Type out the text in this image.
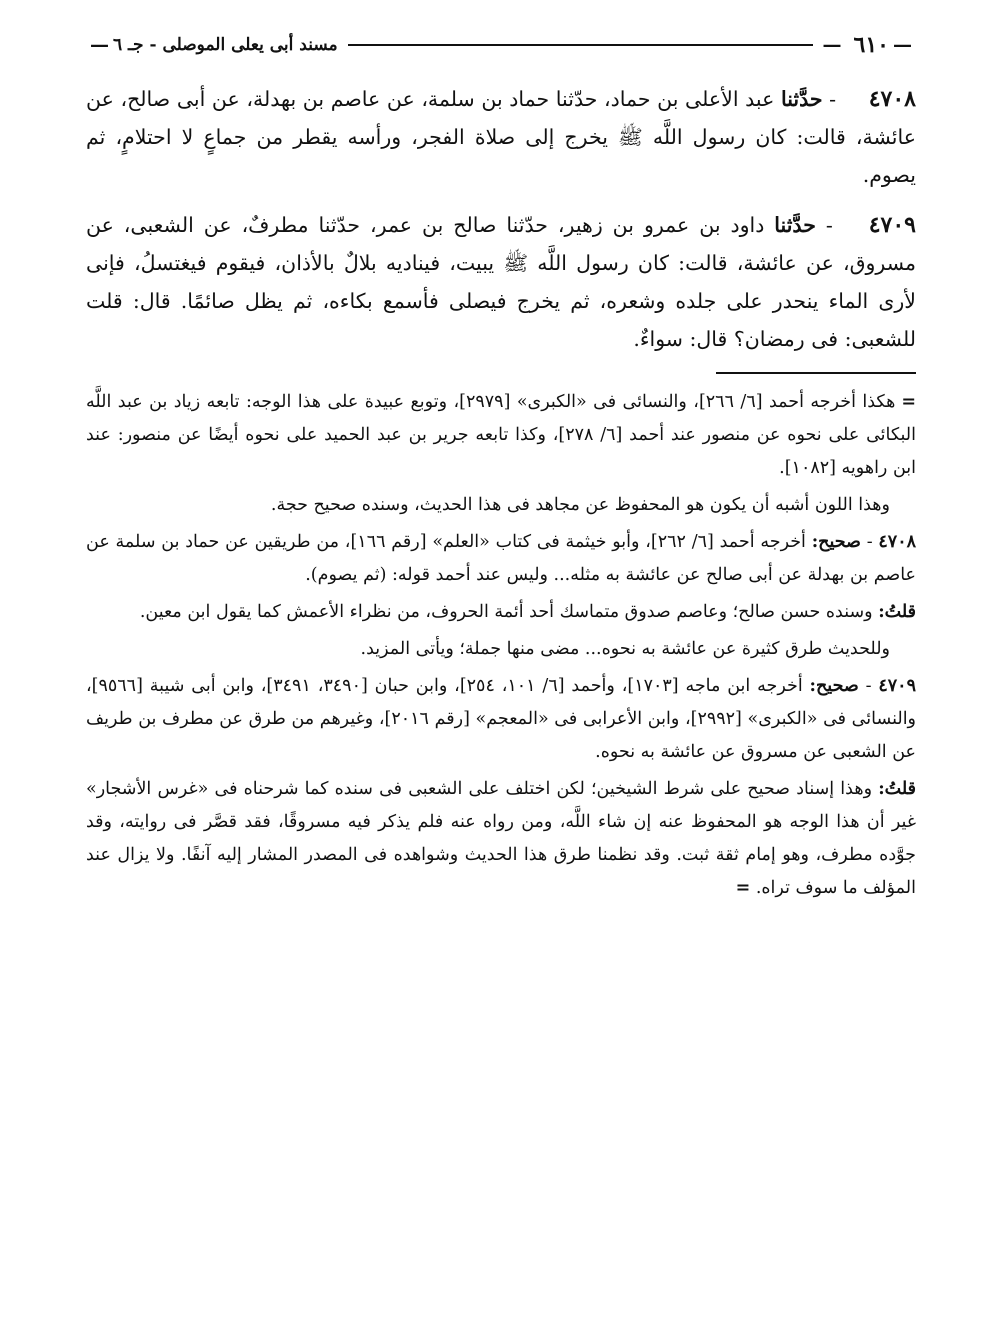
—
٦١٠
—
مسند أبى يعلى الموصلى - جـ ٦
—

٤٧٠٨ - حدَّثنا عبد الأعلى بن حماد، حدّثنا حماد بن سلمة، عن عاصم بن بهدلة، عن أبى صالح، عن عائشة، قالت: كان رسول اللَّه ﷺ يخرج إلى صلاة الفجر، ورأسه يقطر من جماعٍ لا احتلامٍ، ثم يصوم.

٤٧٠٩ - حدَّثنا داود بن عمرو بن زهير، حدّثنا صالح بن عمر، حدّثنا مطرفٌ، عن الشعبى، عن مسروق، عن عائشة، قالت: كان رسول اللَّه ﷺ يبيت، فيناديه بلالٌ بالأذان، فيقوم فيغتسلُ، فإنى لأرى الماء ينحدر على جلده وشعره، ثم يخرج فيصلى فأسمع بكاءه، ثم يظل صائمًا. قال: قلت للشعبى: فى رمضان؟ قال: سواءٌ.

=هكذا أخرجه أحمد [٦/ ٢٦٦]، والنسائى فى «الكبرى» [٢٩٧٩]، وتوبع عبيدة على هذا الوجه: تابعه زياد بن عبد اللَّه البكائى على نحوه عن منصور عند أحمد [٦/ ٢٧٨]، وكذا تابعه جرير بن عبد الحميد على نحوه أيضًا عن منصور: عند ابن راهويه [١٠٨٢].

وهذا اللون أشبه أن يكون هو المحفوظ عن مجاهد فى هذا الحديث، وسنده صحيح حجة.

٤٧٠٨ - صحيح: أخرجه أحمد [٦/ ٢٦٢]، وأبو خيثمة فى كتاب «العلم» [رقم ١٦٦]، من طريقين عن حماد بن سلمة عن عاصم بن بهدلة عن أبى صالح عن عائشة به مثله... وليس عند أحمد قوله: (ثم يصوم).

قلتُ: وسنده حسن صالح؛ وعاصم صدوق متماسك أحد أئمة الحروف، من نظراء الأعمش كما يقول ابن معين.

وللحديث طرق كثيرة عن عائشة به نحوه... مضى منها جملة؛ ويأتى المزيد.

٤٧٠٩ - صحيح: أخرجه ابن ماجه [١٧٠٣]، وأحمد [٦/ ١٠١، ٢٥٤]، وابن حبان [٣٤٩٠، ٣٤٩١]، وابن أبى شيبة [٩٥٦٦]، والنسائى فى «الكبرى» [٢٩٩٢]، وابن الأعرابى فى «المعجم» [رقم ٢٠١٦]، وغيرهم من طرق عن مطرف بن طريف عن الشعبى عن مسروق عن عائشة به نحوه.

قلتُ: وهذا إسناد صحيح على شرط الشيخين؛ لكن اختلف على الشعبى فى سنده كما شرحناه فى «غرس الأشجار» غير أن هذا الوجه هو المحفوظ عنه إن شاء اللَّه، ومن رواه عنه فلم يذكر فيه مسروقًا، فقد قصَّر فى روايته، وقد جوَّده مطرف، وهو إمام ثقة ثبت. وقد نظمنا طرق هذا الحديث وشواهده فى المصدر المشار إليه آنفًا. ولا يزال عند المؤلف ما سوف تراه. =
